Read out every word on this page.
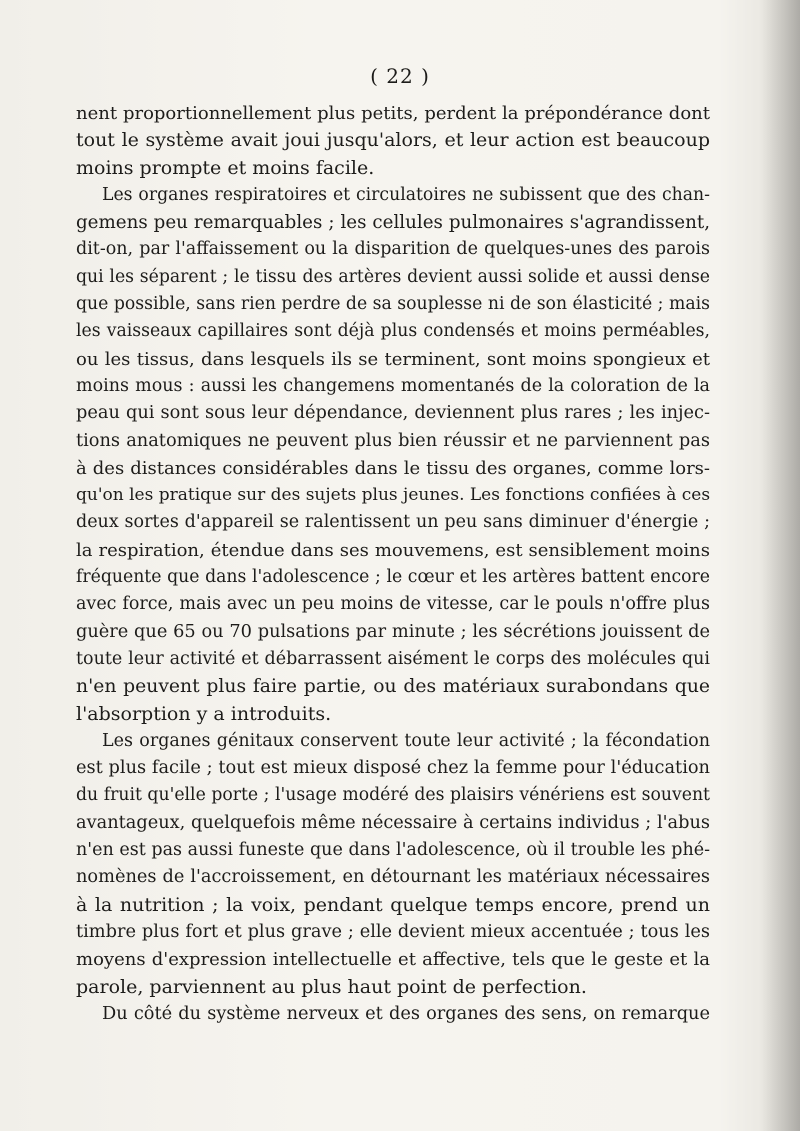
( 22 )
nent proportionnellement plus petits, perdent la prépondérance dont
tout le système avait joui jusqu'alors, et leur action est beaucoup
moins prompte et moins facile.
Les organes respiratoires et circulatoires ne subissent que des chan-
gemens peu remarquables ; les cellules pulmonaires s'agrandissent,
dit-on, par l'affaissement ou la disparition de quelques-unes des parois
qui les séparent ; le tissu des artères devient aussi solide et aussi dense
que possible, sans rien perdre de sa souplesse ni de son élasticité ; mais
les vaisseaux capillaires sont déjà plus condensés et moins perméables,
ou les tissus, dans lesquels ils se terminent, sont moins spongieux et
moins mous : aussi les changemens momentanés de la coloration de la
peau qui sont sous leur dépendance, deviennent plus rares ; les injec-
tions anatomiques ne peuvent plus bien réussir et ne parviennent pas
à des distances considérables dans le tissu des organes, comme lors-
qu'on les pratique sur des sujets plus jeunes. Les fonctions confiées à ces
deux sortes d'appareil se ralentissent un peu sans diminuer d'énergie ;
la respiration, étendue dans ses mouvemens, est sensiblement moins
fréquente que dans l'adolescence ; le cœur et les artères battent encore
avec force, mais avec un peu moins de vitesse, car le pouls n'offre plus
guère que 65 ou 70 pulsations par minute ; les sécrétions jouissent de
toute leur activité et débarrassent aisément le corps des molécules qui
n'en peuvent plus faire partie, ou des matériaux surabondans que
l'absorption y a introduits.
Les organes génitaux conservent toute leur activité ; la fécondation
est plus facile ; tout est mieux disposé chez la femme pour l'éducation
du fruit qu'elle porte ; l'usage modéré des plaisirs vénériens est souvent
avantageux, quelquefois même nécessaire à certains individus ; l'abus
n'en est pas aussi funeste que dans l'adolescence, où il trouble les phé-
nomènes de l'accroissement, en détournant les matériaux nécessaires
à la nutrition ; la voix, pendant quelque temps encore, prend un
timbre plus fort et plus grave ; elle devient mieux accentuée ; tous les
moyens d'expression intellectuelle et affective, tels que le geste et la
parole, parviennent au plus haut point de perfection.
Du côté du système nerveux et des organes des sens, on remarque
